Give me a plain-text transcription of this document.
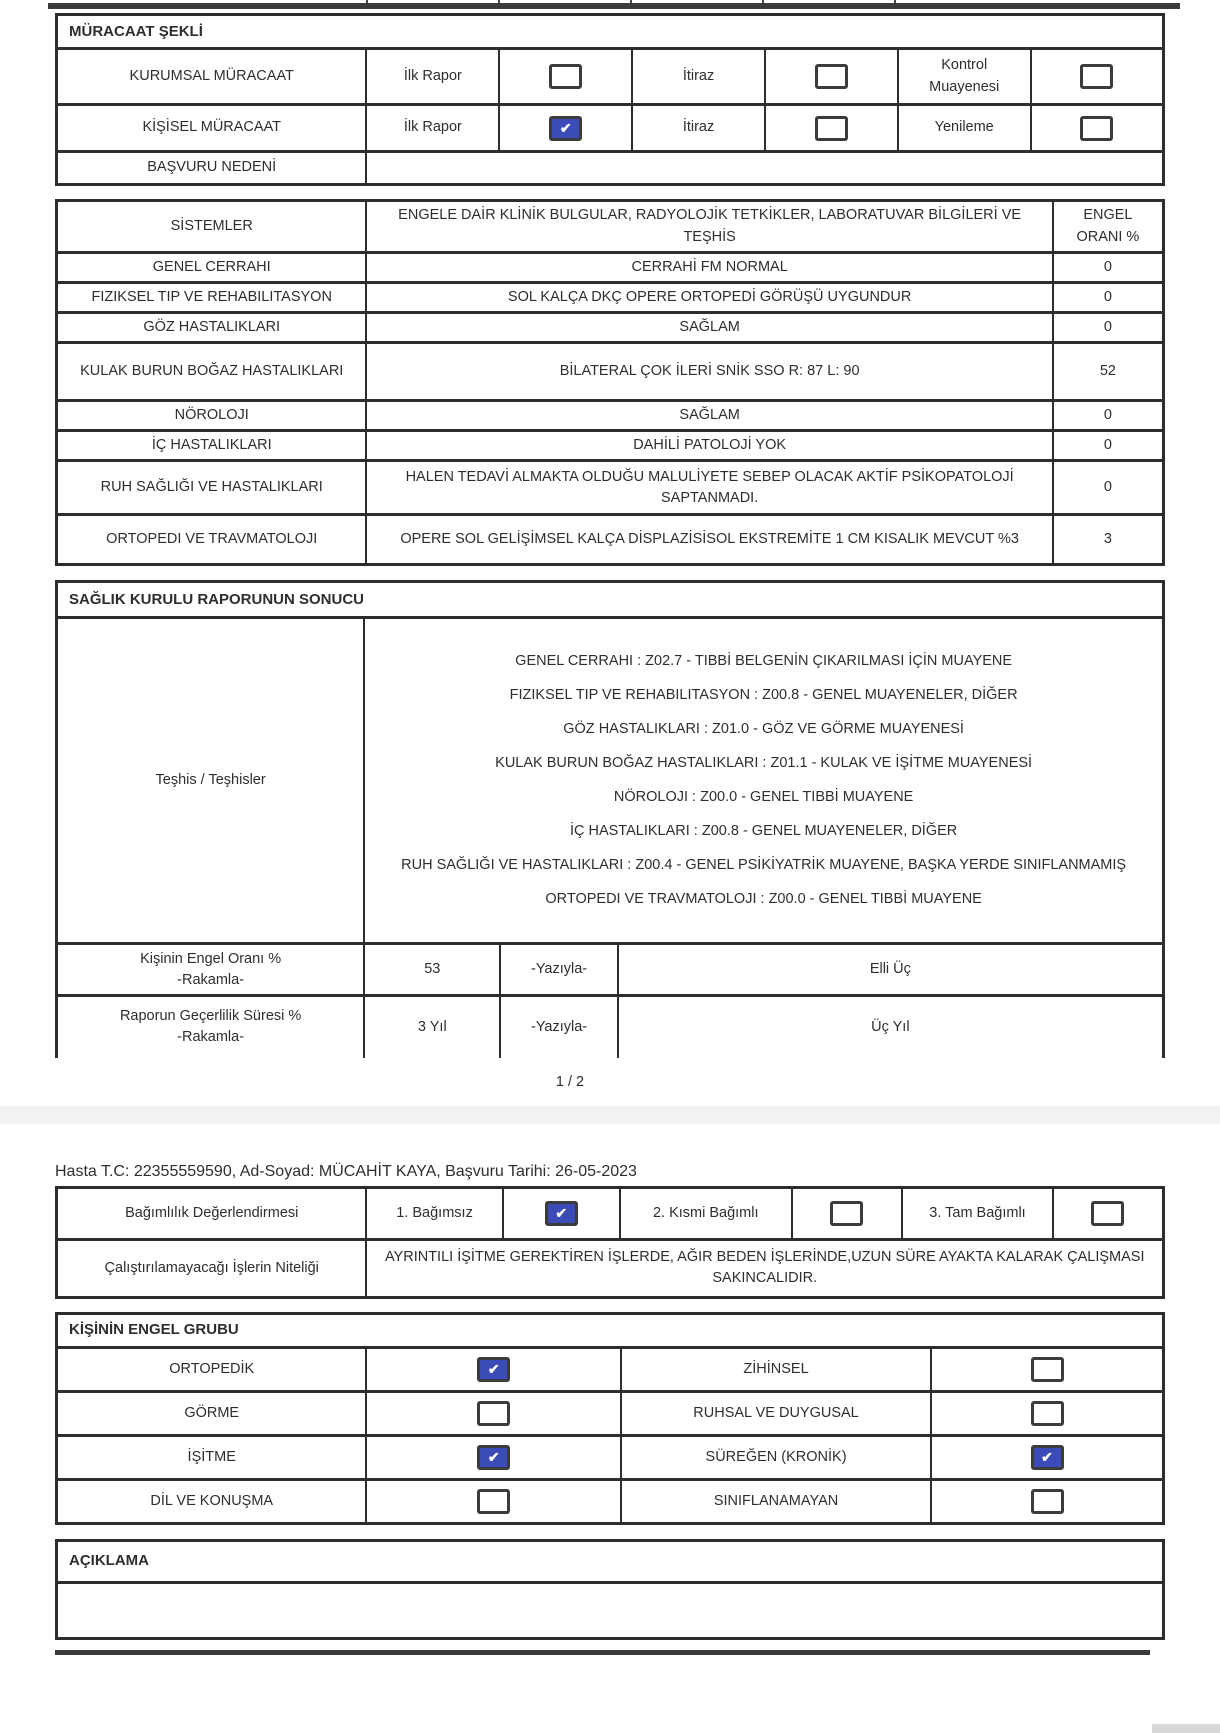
MÜRACAAT ŞEKLİ						
KURUMSAL MÜRACAAT	İlk Rapor		İtiraz		Kontrol Muayenesi	
KİŞİSEL MÜRACAAT	İlk Rapor	✔	İtiraz		Yenileme	
BAŞVURU NEDENİ						
SİSTEMLER	ENGELE DAİR KLİNİK BULGULAR, RADYOLOJİK TETKİKLER, LABORATUVAR BİLGİLERİ VE TEŞHİS	ENGEL ORANI %
GENEL CERRAHI	CERRAHİ FM NORMAL	0
FIZIKSEL TIP VE REHABILITASYON	SOL KALÇA DKÇ OPERE ORTOPEDİ GÖRÜŞÜ UYGUNDUR	0
GÖZ HASTALIKLARI	SAĞLAM	0
KULAK BURUN BOĞAZ HASTALIKLARI	BİLATERAL ÇOK İLERİ SNİK SSO R: 87 L: 90	52
NÖROLOJI	SAĞLAM	0
İÇ HASTALIKLARI	DAHİLİ PATOLOJİ YOK	0
RUH SAĞLIĞI VE HASTALIKLARI	HALEN TEDAVİ ALMAKTA OLDUĞU MALULİYETE SEBEP OLACAK AKTİF PSİKOPATOLOJİ SAPTANMADI.	0
ORTOPEDI VE TRAVMATOLOJI	OPERE SOL GELİŞİMSEL KALÇA DİSPLAZİSİSOL EKSTREMİTE 1 CM KISALIK MEVCUT %3	3
SAĞLIK KURULU RAPORUNUN SONUCU			
Teşhis / Teşhisler	
GENEL CERRAHI : Z02.7 - TIBBİ BELGENİN ÇIKARILMASI İÇİN MUAYENE
FIZIKSEL TIP VE REHABILITASYON : Z00.8 - GENEL MUAYENELER, DİĞER
GÖZ HASTALIKLARI : Z01.0 - GÖZ VE GÖRME MUAYENESİ
KULAK BURUN BOĞAZ HASTALIKLARI : Z01.1 - KULAK VE İŞİTME MUAYENESİ
NÖROLOJI : Z00.0 - GENEL TIBBİ MUAYENE
İÇ HASTALIKLARI : Z00.8 - GENEL MUAYENELER, DİĞER
RUH SAĞLIĞI VE HASTALIKLARI : Z00.4 - GENEL PSİKİYATRİK MUAYENE, BAŞKA YERDE SINIFLANMAMIŞ
ORTOPEDI VE TRAVMATOLOJI : Z00.0 - GENEL TIBBİ MUAYENE

Kişinin Engel Oranı %
-Rakamla-	53	-Yazıyla-	Elli Üç

Raporun Geçerlilik Süresi %
-Rakamla-	3 Yıl	-Yazıyla-	Üç Yıl
1 / 2
Hasta T.C: 22355559590, Ad-Soyad: MÜCAHİT KAYA, Başvuru Tarihi: 26-05-2023
Bağımlılık Değerlendirmesi	1. Bağımsız	✔	2. Kısmi Bağımlı		3. Tam Bağımlı	
Çalıştırılamayacağı İşlerin Niteliği	AYRINTILI İŞİTME GEREKTİREN İŞLERDE, AĞIR BEDEN İŞLERİNDE,UZUN SÜRE AYAKTA KALARAK ÇALIŞMASI SAKINCALIDIR.					
KİŞİNİN ENGEL GRUBU			
ORTOPEDİK	✔	ZİHİNSEL	
GÖRME		RUHSAL VE DUYGUSAL	
İŞİTME	✔	SÜREĞEN (KRONİK)	✔

DİL VE KONUŞMA		SINIFLANAMAYAN	
AÇIKLAMA
